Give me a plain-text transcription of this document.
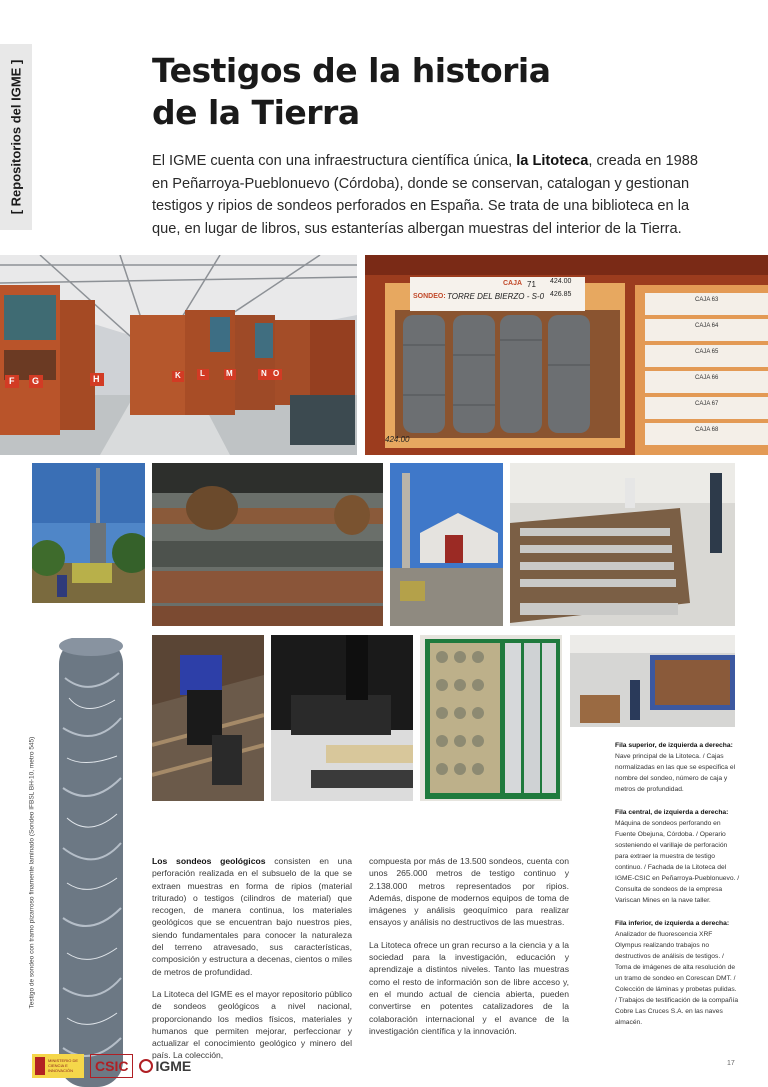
[ Repositorios del IGME ]	Testigos de la historia
de la Tierra

El IGME cuenta con una infraestructura científica única, la Litoteca, creada en 1988 en Peñarroya-Pueblonuevo (Córdoba), donde se conservan, catalogan y gestionan testigos y ripios de sondeos perforados en España. Se trata de una biblioteca en la que, en lugar de libros, sus estanterías albergan muestras del interior de la Tierra.

F G	H	K L	M	N O
SONDEO: TORRE DEL BIERZO - S-0
CAJA 71 424.00
426.85
424.00
CAJA 63
CAJA 64
CAJA 65
CAJA 66
CAJA 67
CAJA 68
Testigo de sondeo con tramo pizarroso finamente laminado (Sondeo IFBSL BH-10, metro 545)	Los sondeos geológicos consisten en una perforación realizada en el subsuelo de la que se extraen muestras en forma de ripios (material triturado) o testigos (cilindros de material) que recogen, de manera continua, los materiales geológicos que se encuentran bajo nuestros pies, siendo fundamentales para conocer la naturaleza del terreno atravesado, sus características, composición y estructura a decenas, cientos o miles de metros de profundidad.

La Litoteca del IGME es el mayor repositorio público de sondeos geológicos a nivel nacional, proporcionando los medios físicos, materiales y humanos que permiten mejorar, perfeccionar y actualizar el conocimiento geológico y minero del país. La colección,

compuesta por más de 13.500 sondeos, cuenta con unos 265.000 metros de testigo continuo y 2.138.000 metros representados por ripios. Además, dispone de modernos equipos de toma de imágenes y análisis geoquímico para realizar ensayos y análisis no destructivos de las muestras.

La Litoteca ofrece un gran recurso a la ciencia y a la sociedad para la investigación, educación y aprendizaje a distintos niveles. Tanto las muestras como el resto de información son de libre acceso y, en el mundo actual de ciencia abierta, pueden convertirse en potentes catalizadores de la colaboración internacional y el avance de la investigación científica y la innovación.

Fila superior, de izquierda a derecha:

Nave principal de la Litoteca. / Cajas normalizadas en las que se especifica el nombre del sondeo, número de caja y metros de profundidad.

Fila central, de izquierda a derecha:

Máquina de sondeos perforando en Fuente Obejuna, Córdoba. / Operario sosteniendo el varillaje de perforación para extraer la muestra de testigo continuo. / Fachada de la Litoteca del IGME-CSIC en Peñarroya-Pueblonuevo. / Consulta de sondeos de la empresa Variscan Mines en la nave taller.

Fila inferior, de izquierda a derecha:

Analizador de fluorescencia XRF Olympus realizando trabajos no destructivos de análisis de testigos. / Toma de imágenes de alta resolución de un tramo de sondeo en Corescan DMT. / Colección de láminas y probetas pulidas. / Trabajos de testificación de la compañía Cobre Las Cruces S.A. en las naves almacén.

MINISTERIO DE CIENCIA E INNOVACIÓN	CSIC	IGME	17
